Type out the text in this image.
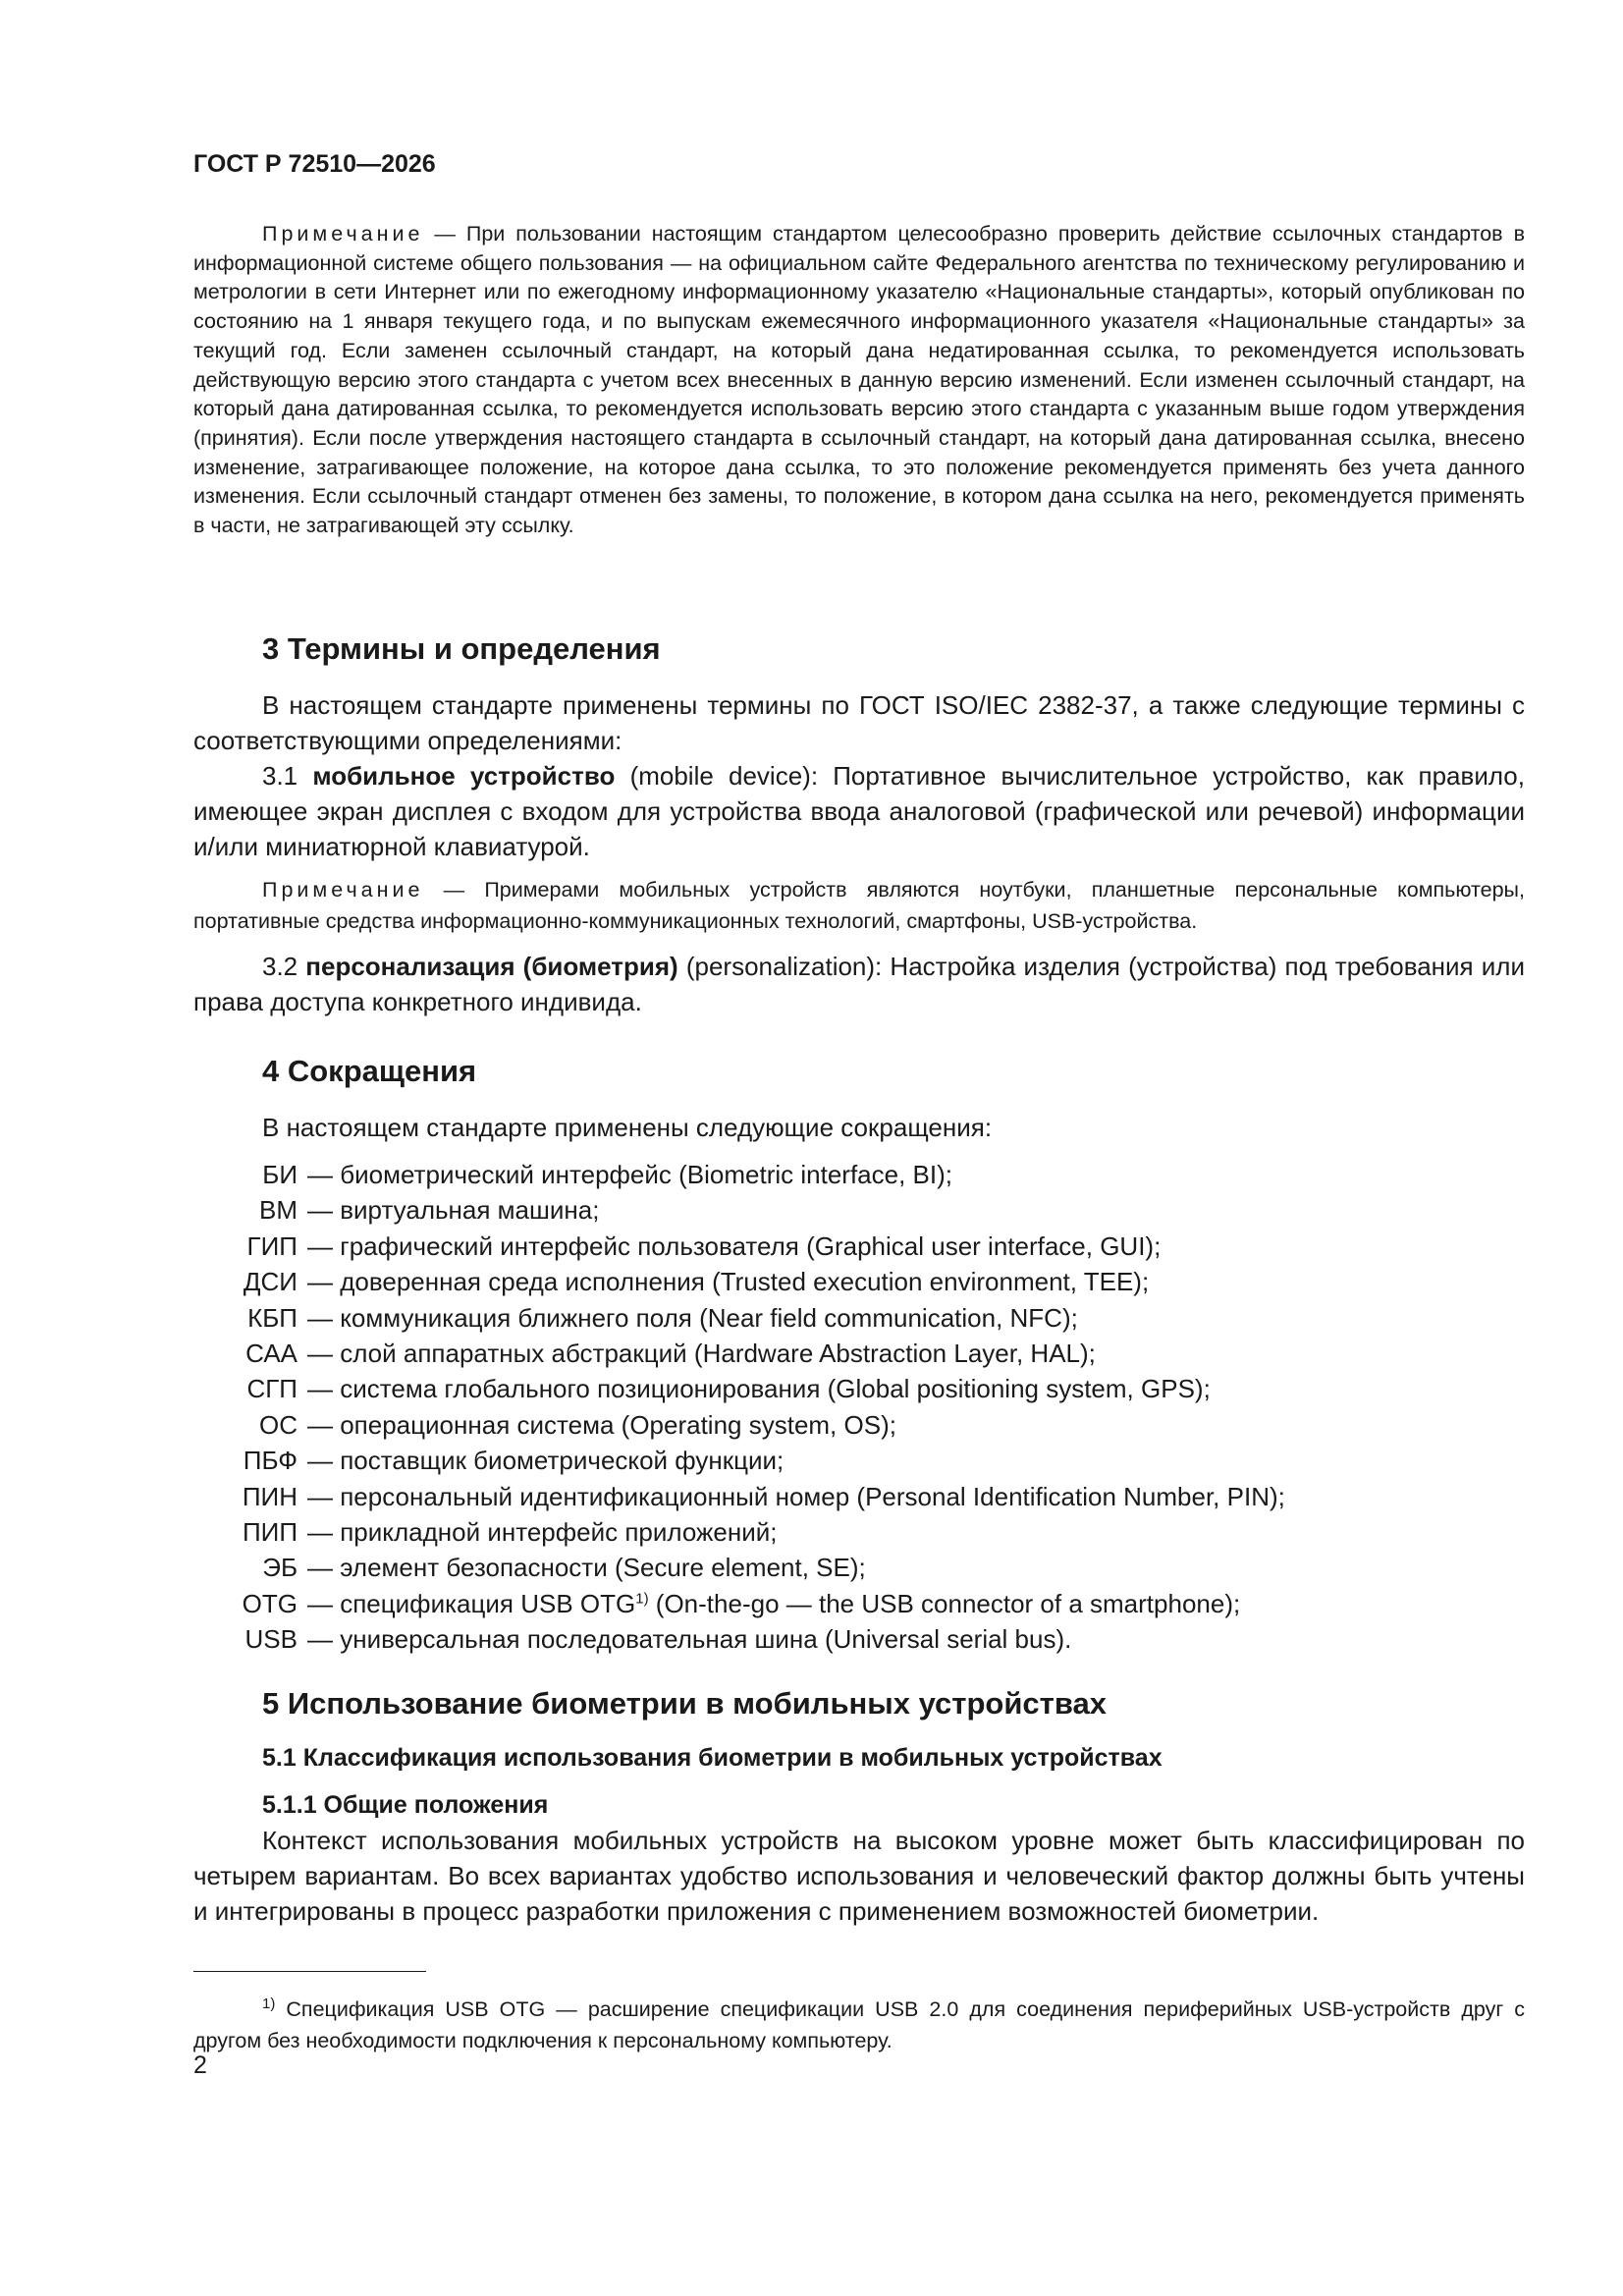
ГОСТ Р 72510—2026
Примечание — При пользовании настоящим стандартом целесообразно проверить действие ссылочных стандартов в информационной системе общего пользования — на официальном сайте Федерального агентства по техническому регулированию и метрологии в сети Интернет или по ежегодному информационному указателю «Национальные стандарты», который опубликован по состоянию на 1 января текущего года, и по выпускам ежемесячного информационного указателя «Национальные стандарты» за текущий год. Если заменен ссылочный стандарт, на который дана недатированная ссылка, то рекомендуется использовать действующую версию этого стандарта с учетом всех внесенных в данную версию изменений. Если изменен ссылочный стандарт, на который дана датированная ссылка, то рекомендуется использовать версию этого стандарта с указанным выше годом утверждения (принятия). Если после утверждения настоящего стандарта в ссылочный стандарт, на который дана датированная ссылка, внесено изменение, затрагивающее положение, на которое дана ссылка, то это положение рекомендуется применять без учета данного изменения. Если ссылочный стандарт отменен без замены, то положение, в котором дана ссылка на него, рекомендуется применять в части, не затрагивающей эту ссылку.
3 Термины и определения

В настоящем стандарте применены термины по ГОСТ ISO/IEC 2382-37, а также следующие термины с соответствующими определениями:

3.1 мобильное устройство (mobile device): Портативное вычислительное устройство, как правило, имеющее экран дисплея с входом для устройства ввода аналоговой (графической или речевой) информации и/или миниатюрной клавиатурой.

Примечание — Примерами мобильных устройств являются ноутбуки, планшетные персональные компьютеры, портативные средства информационно-коммуникационных технологий, смартфоны, USB-устройства.

3.2 персонализация (биометрия) (personalization): Настройка изделия (устройства) под требования или права доступа конкретного индивида.

4 Сокращения

В настоящем стандарте применены следующие сокращения:

БИ — биометрический интерфейс (Biometric interface, BI);
ВМ — виртуальная машина;
ГИП — графический интерфейс пользователя (Graphical user interface, GUI);
ДСИ — доверенная среда исполнения (Trusted execution environment, TEE);
КБП — коммуникация ближнего поля (Near field communication, NFC);
САА — слой аппаратных абстракций (Hardware Abstraction Layer, HAL);
СГП — система глобального позиционирования (Global positioning system, GPS);
ОС — операционная система (Operating system, OS);
ПБФ — поставщик биометрической функции;
ПИН — персональный идентификационный номер (Personal Identification Number, PIN);
ПИП — прикладной интерфейс приложений;
ЭБ — элемент безопасности (Secure element, SE);
OTG — спецификация USB OTG$^{1)}$ (On-the-go — the USB connector of a smartphone);
USB — универсальная последовательная шина (Universal serial bus).
5 Использование биометрии в мобильных устройствах
5.1 Классификация использования биометрии в мобильных устройствах
5.1.1 Общие положения

Контекст использования мобильных устройств на высоком уровне может быть классифицирован по четырем вариантам. Во всех вариантах удобство использования и человеческий фактор должны быть учтены и интегрированы в процесс разработки приложения с применением возможностей биометрии.

$^{1)}$ Спецификация USB OTG — расширение спецификации USB 2.0 для соединения периферийных USB-устройств друг с другом без необходимости подключения к персональному компьютеру.
2
